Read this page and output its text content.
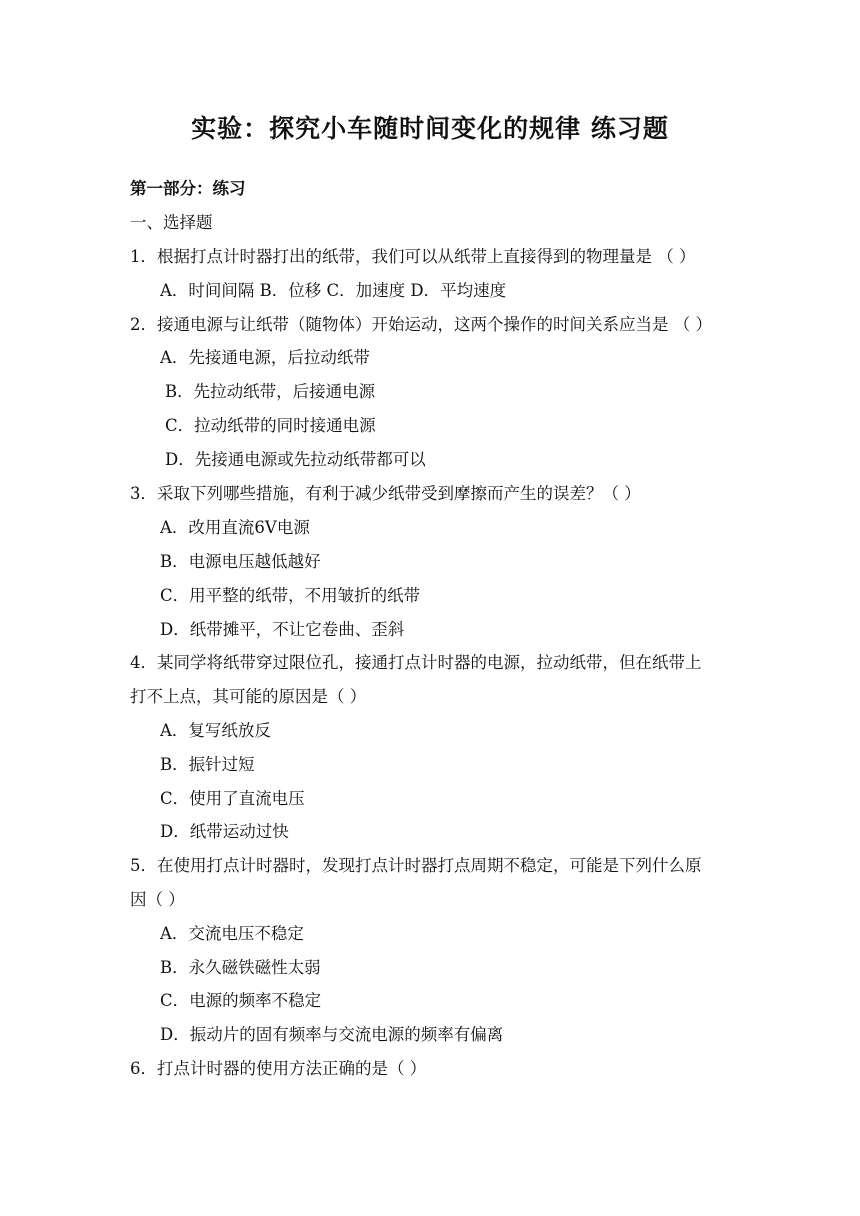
实验：探究小车随时间变化的规律 练习题

第一部分：练习

一、选择题

1．根据打点计时器打出的纸带，我们可以从纸带上直接得到的物理量是 （ ）

A．时间间隔 B．位移 C．加速度 D．平均速度

2．接通电源与让纸带（随物体）开始运动，这两个操作的时间关系应当是 （ ）

A．先接通电源，后拉动纸带

B．先拉动纸带，后接通电源

C．拉动纸带的同时接通电源

D．先接通电源或先拉动纸带都可以

3．采取下列哪些措施，有利于减少纸带受到摩擦而产生的误差？（ ）

A．改用直流6V电源

B．电源电压越低越好

C．用平整的纸带，不用皱折的纸带

D．纸带摊平，不让它卷曲、歪斜

4．某同学将纸带穿过限位孔，接通打点计时器的电源，拉动纸带，但在纸带上

打不上点，其可能的原因是（ ）

A．复写纸放反

B．振针过短

C．使用了直流电压

D．纸带运动过快

5．在使用打点计时器时，发现打点计时器打点周期不稳定，可能是下列什么原

因（ ）

A．交流电压不稳定

B．永久磁铁磁性太弱

C．电源的频率不稳定

D．振动片的固有频率与交流电源的频率有偏离

6．打点计时器的使用方法正确的是（ ）
